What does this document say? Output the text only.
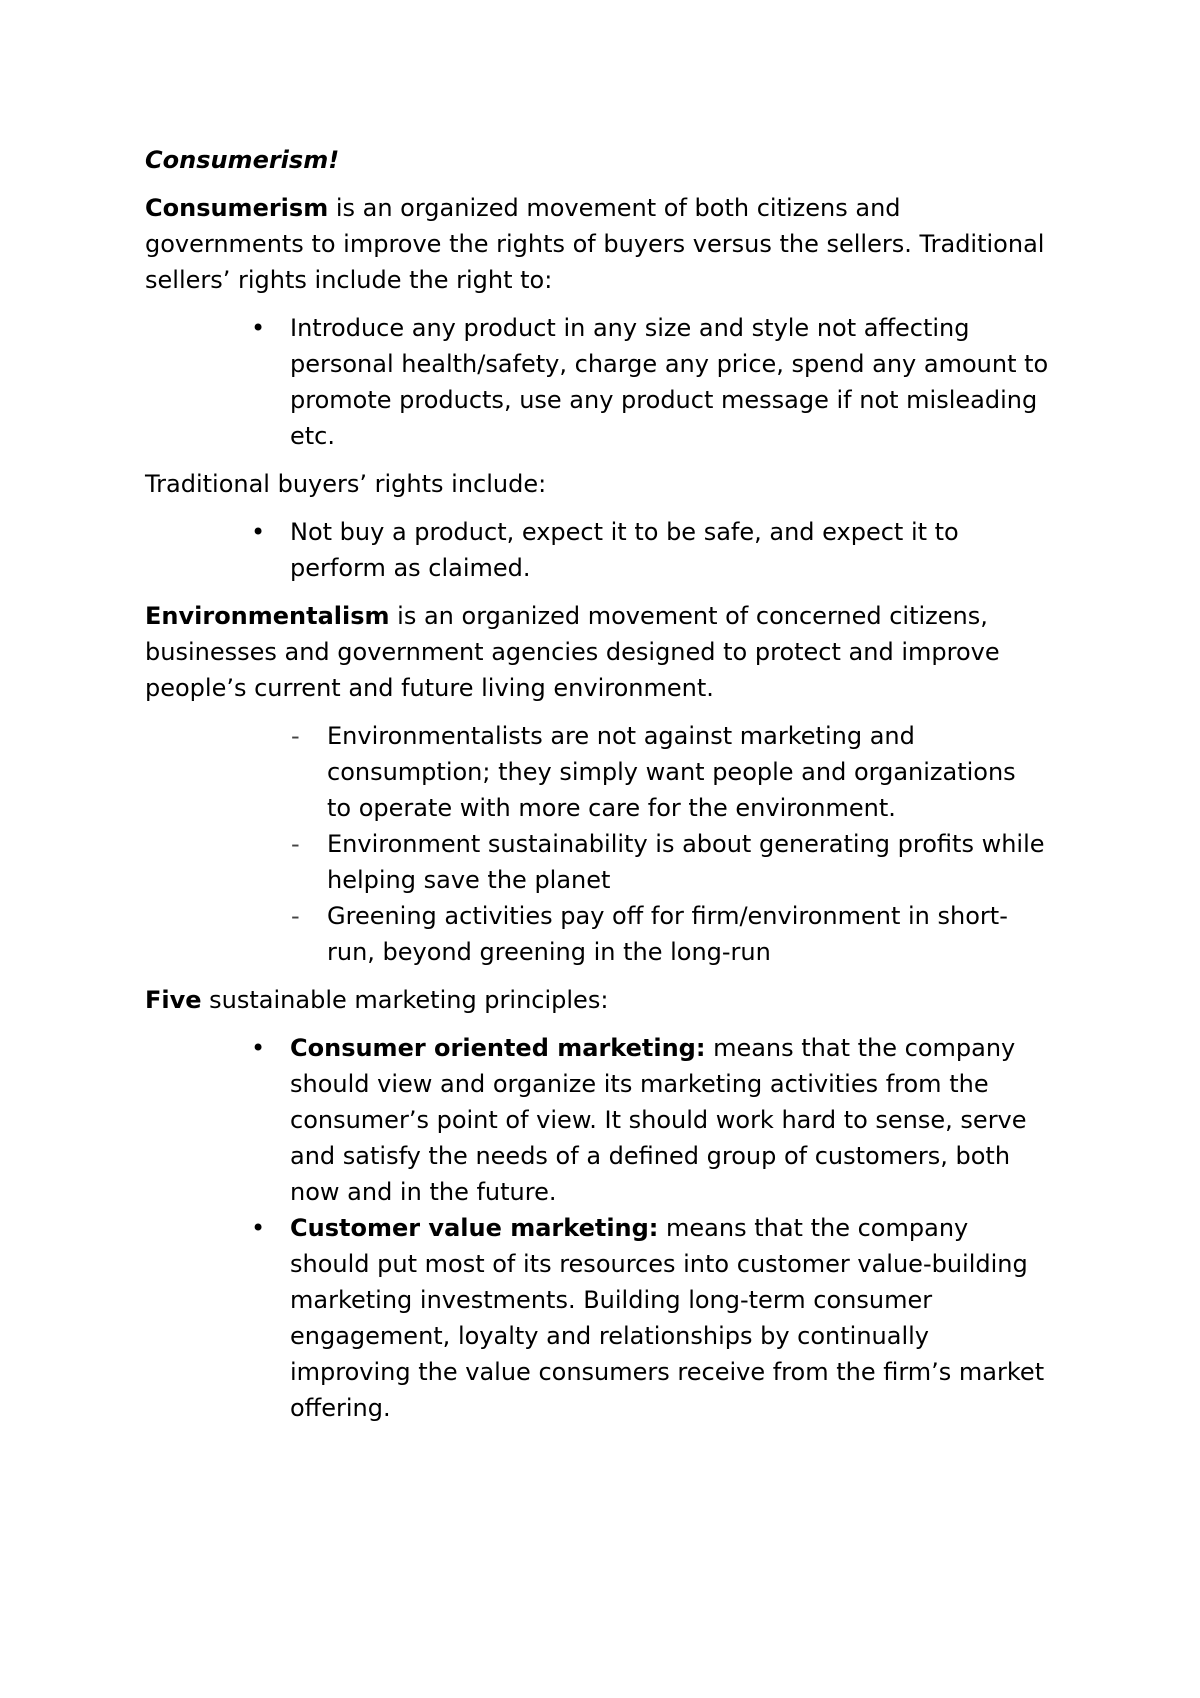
Consumerism!

Consumerism is an organized movement of both citizens and governments to improve the rights of buyers versus the sellers. Traditional sellers’ rights include the right to:

• Introduce any product in any size and style not affecting personal health/safety, charge any price, spend any amount to promote products, use any product message if not misleading etc.

Traditional buyers’ rights include:

• Not buy a product, expect it to be safe, and expect it to perform as claimed.

Environmentalism is an organized movement of concerned citizens, businesses and government agencies designed to protect and improve people’s current and future living environment.

- Environmentalists are not against marketing and consumption; they simply want people and organizations to operate with more care for the environment.
- Environment sustainability is about generating profits while helping save the planet
- Greening activities pay off for firm/environment in short-run, beyond greening in the long-run

Five sustainable marketing principles:

• Consumer oriented marketing: means that the company should view and organize its marketing activities from the consumer’s point of view. It should work hard to sense, serve and satisfy the needs of a defined group of customers, both now and in the future.
• Customer value marketing: means that the company should put most of its resources into customer value-building marketing investments. Building long-term consumer engagement, loyalty and relationships by continually improving the value consumers receive from the firm’s market offering.
